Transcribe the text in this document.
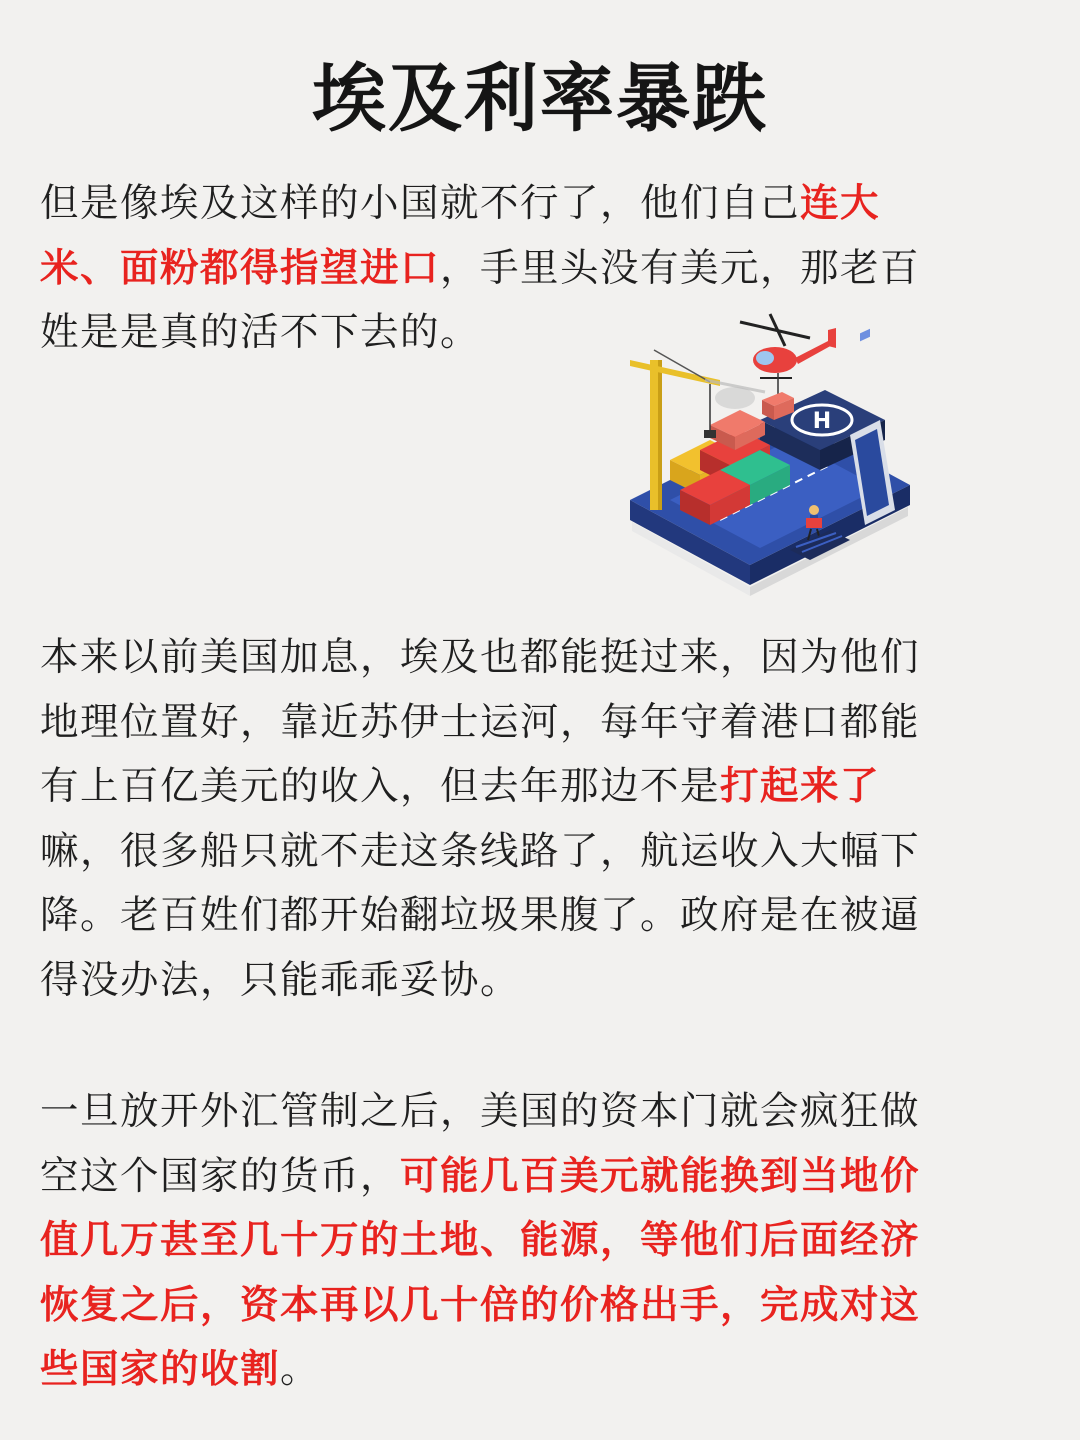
埃及利率暴跌
但是像埃及这样的小国就不行了，他们自己连大米、面粉都得指望进口，手里头没有美元，那老百姓是是真的活不下去的。
本来以前美国加息，埃及也都能挺过来，因为他们地理位置好，靠近苏伊士运河，每年守着港口都能有上百亿美元的收入，但去年那边不是打起来了嘛，很多船只就不走这条线路了，航运收入大幅下降。老百姓们都开始翻垃圾果腹了。政府是在被逼得没办法，只能乖乖妥协。
一旦放开外汇管制之后，美国的资本门就会疯狂做空这个国家的货币，可能几百美元就能换到当地价值几万甚至几十万的土地、能源，等他们后面经济恢复之后，资本再以几十倍的价格出手，完成对这些国家的收割。
H
